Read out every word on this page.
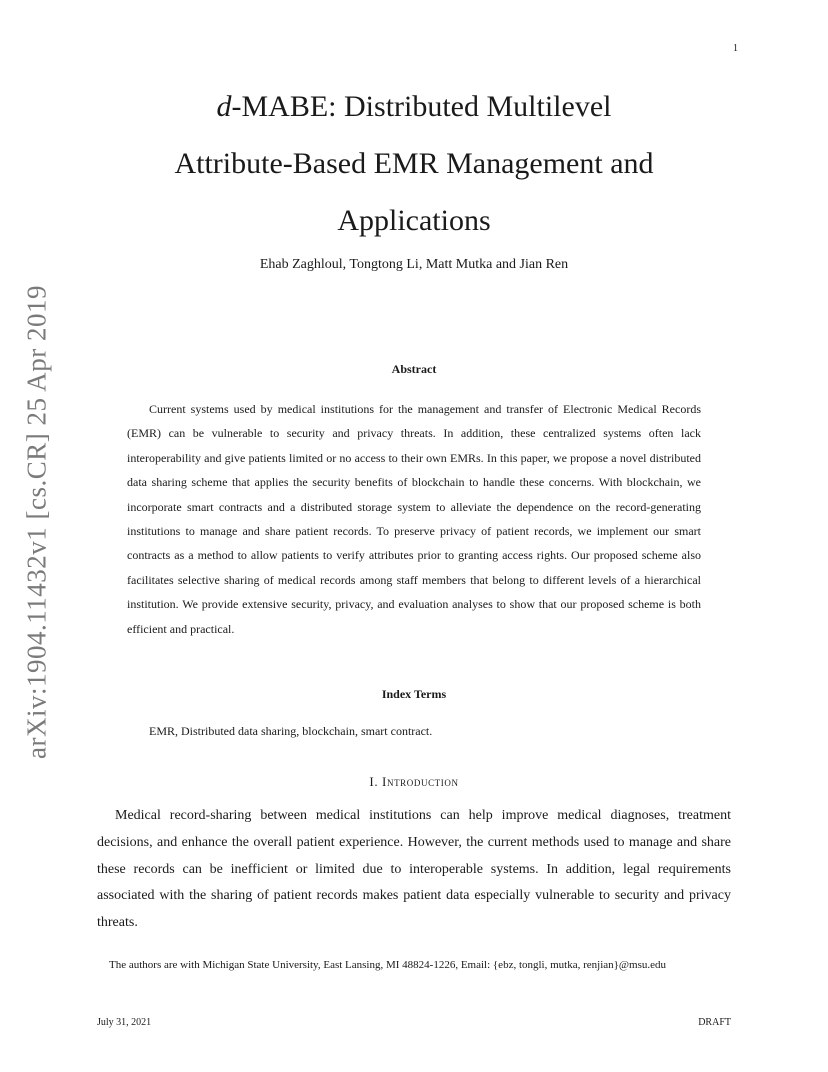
1
arXiv:1904.11432v1 [cs.CR] 25 Apr 2019
d-MABE: Distributed Multilevel
Attribute-Based EMR Management and
Applications
Ehab Zaghloul, Tongtong Li, Matt Mutka and Jian Ren
Abstract

Current systems used by medical institutions for the management and transfer of Electronic Medical Records (EMR) can be vulnerable to security and privacy threats. In addition, these centralized systems often lack interoperability and give patients limited or no access to their own EMRs. In this paper, we propose a novel distributed data sharing scheme that applies the security benefits of blockchain to handle these concerns. With blockchain, we incorporate smart contracts and a distributed storage system to alleviate the dependence on the record-generating institutions to manage and share patient records. To preserve privacy of patient records, we implement our smart contracts as a method to allow patients to verify attributes prior to granting access rights. Our proposed scheme also facilitates selective sharing of medical records among staff members that belong to different levels of a hierarchical institution. We provide extensive security, privacy, and evaluation analyses to show that our proposed scheme is both efficient and practical.

Index Terms

EMR, Distributed data sharing, blockchain, smart contract.

I. Introduction

Medical record-sharing between medical institutions can help improve medical diagnoses, treatment decisions, and enhance the overall patient experience. However, the current methods used to manage and share these records can be inefficient or limited due to interoperable systems. In addition, legal requirements associated with the sharing of patient records makes patient data especially vulnerable to security and privacy threats.

The authors are with Michigan State University, East Lansing, MI 48824-1226, Email: {ebz, tongli, mutka, renjian}@msu.edu

July 31, 2021	DRAFT
